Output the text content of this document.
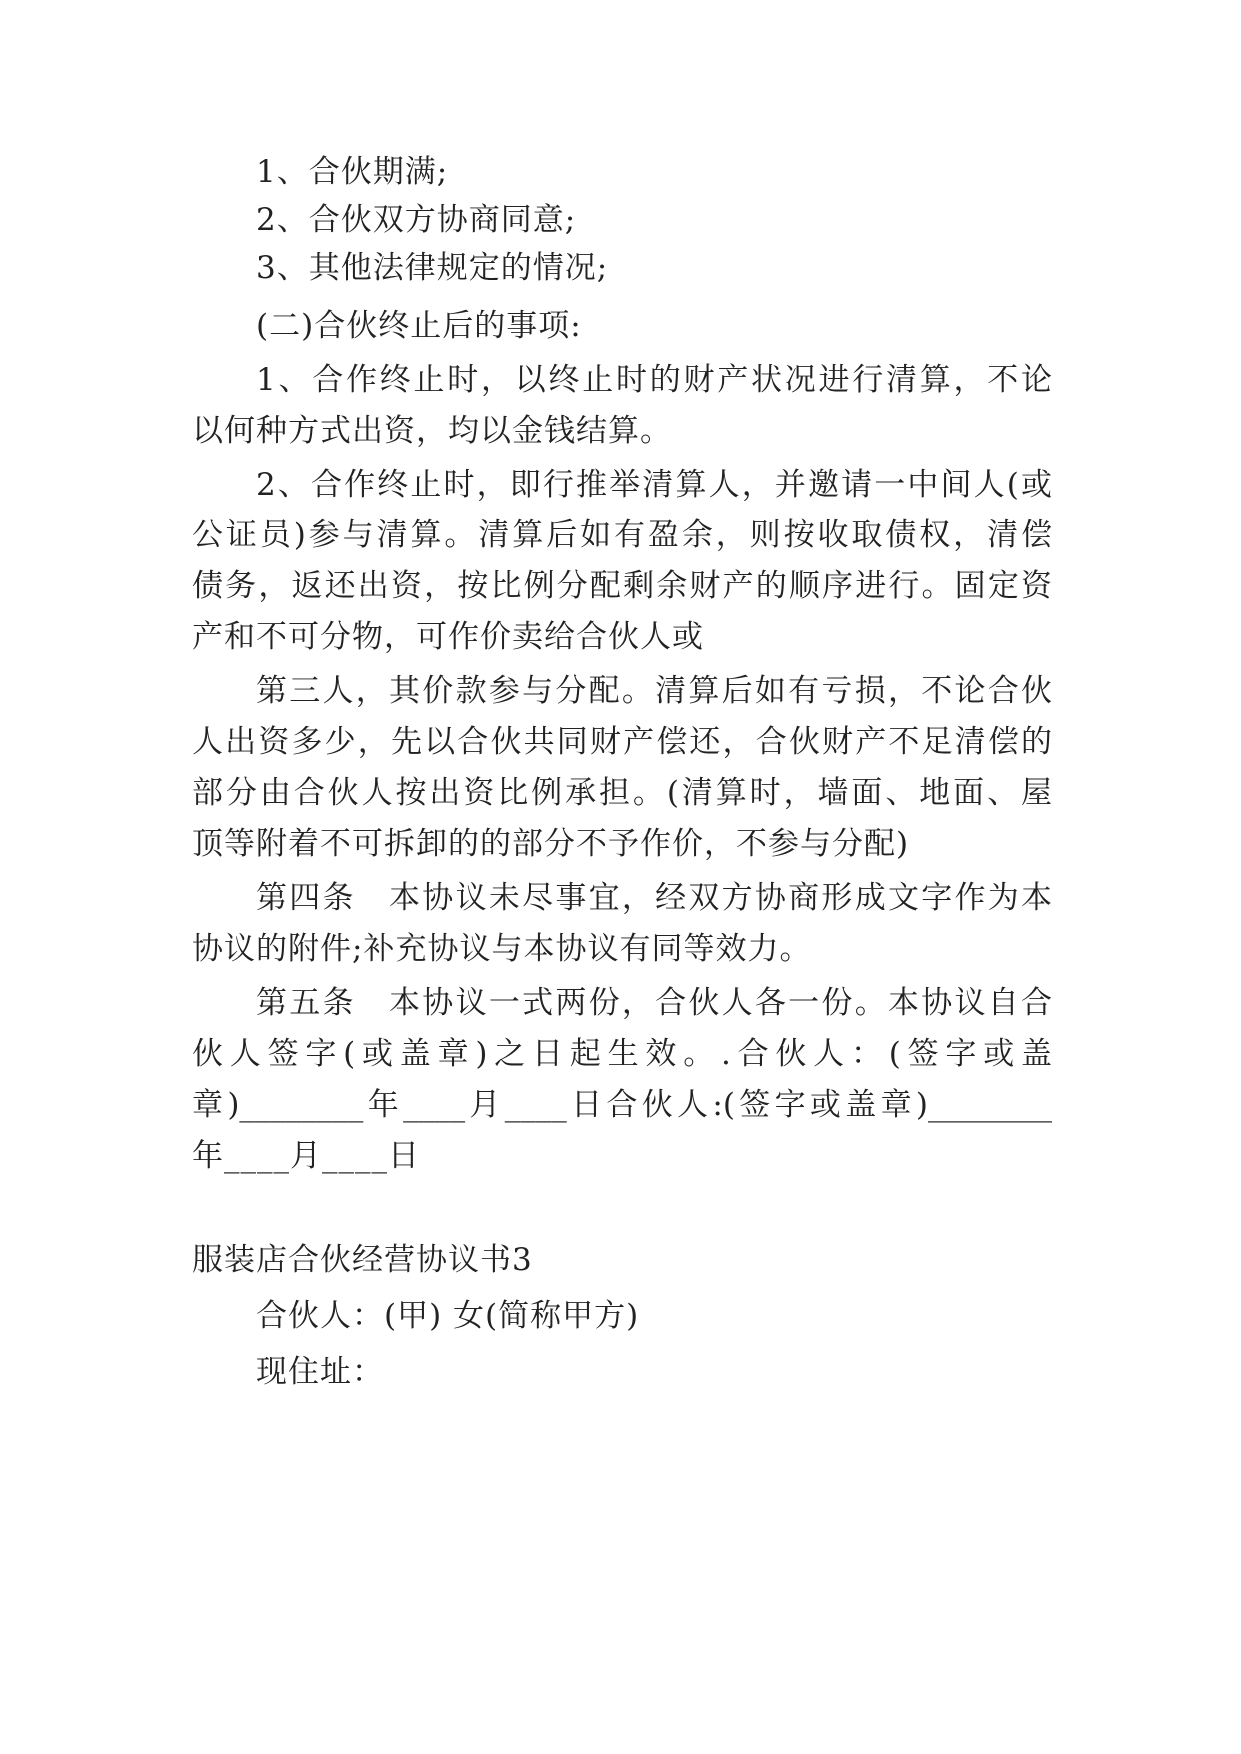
1、合伙期满;
2、合伙双方协商同意;
3、其他法律规定的情况;
(二)合伙终止后的事项:
1、合作终止时，以终止时的财产状况进行清算，不论
以何种方式出资，均以金钱结算。
2、合作终止时，即行推举清算人，并邀请一中间人(或
公证员)参与清算。清算后如有盈余，则按收取债权，清偿
债务，返还出资，按比例分配剩余财产的顺序进行。固定资
产和不可分物，可作价卖给合伙人或
第三人，其价款参与分配。清算后如有亏损，不论合伙
人出资多少，先以合伙共同财产偿还，合伙财产不足清偿的
部分由合伙人按出资比例承担。(清算时，墙面、地面、屋
顶等附着不可拆卸的的部分不予作价，不参与分配)
第四条　本协议未尽事宜，经双方协商形成文字作为本
协议的附件;补充协议与本协议有同等效力。
第五条　本协议一式两份，合伙人各一份。本协议自合
伙人签字(或盖章)之日起生效。.合伙人：(签字或盖
章)________年____月____日合伙人:(签字或盖章)________
年____月____日
服装店合伙经营协议书3
合伙人：(甲) 女(简称甲方)
现住址：
